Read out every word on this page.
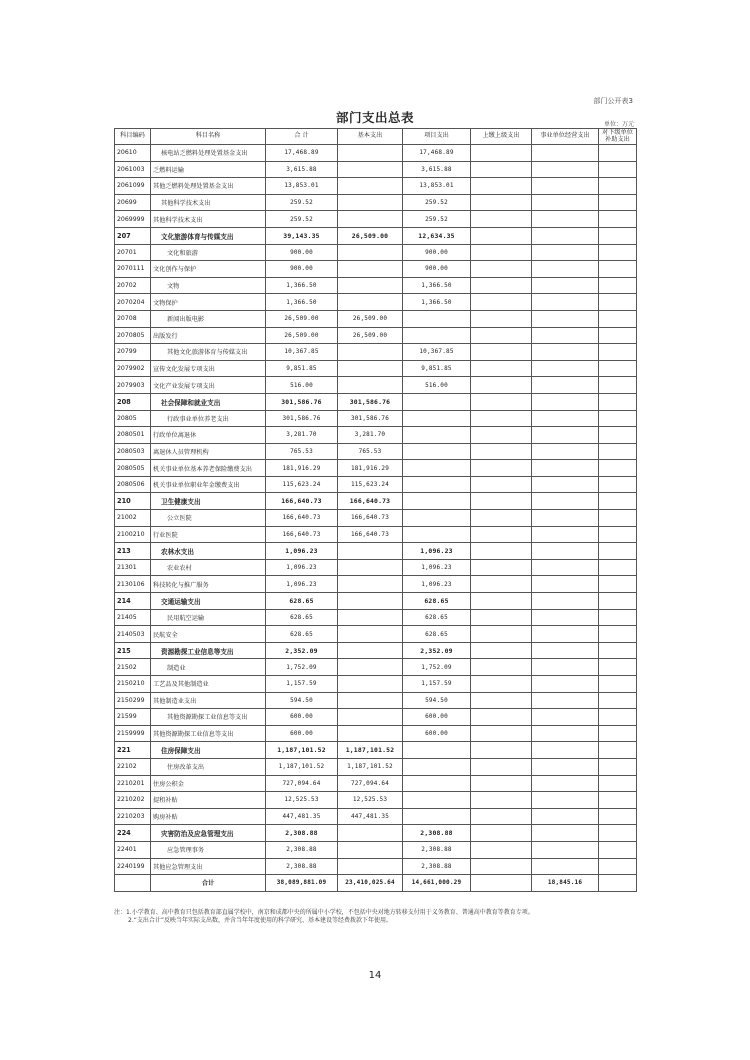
部门公开表3
部门支出总表	单位：万元
科目编码	科目名称	合 计	基本支出	项目支出	上缴上级支出	事业单位经营支出	对下级单位补助支出
20610	核电站乏燃料处理处置基金支出	17,468.89		17,468.89			
2061003	乏燃料运输	3,615.88		3,615.88			
2061099	其他乏燃料处理处置基金支出	13,853.01		13,853.01			
20699	其他科学技术支出	259.52		259.52			
2069999	其他科学技术支出	259.52		259.52			
207	文化旅游体育与传媒支出	39,143.35	26,509.00	12,634.35			
20701	文化和旅游	900.00		900.00			
2070111	文化创作与保护	900.00		900.00			
20702	文物	1,366.50		1,366.50			
2070204	文物保护	1,366.50		1,366.50			
20708	新闻出版电影	26,509.00	26,509.00				
2070805	出版发行	26,509.00	26,509.00				
20799	其他文化旅游体育与传媒支出	10,367.85		10,367.85			
2079902	宣传文化发展专项支出	9,851.85		9,851.85			
2079903	文化产业发展专项支出	516.00		516.00			
208	社会保障和就业支出	301,586.76	301,586.76				
20805	行政事业单位养老支出	301,586.76	301,586.76				
2080501	行政单位离退休	3,281.70	3,281.70				
2080503	离退休人员管理机构	765.53	765.53				
2080505	机关事业单位基本养老保险缴费支出	181,916.29	181,916.29				
2080506	机关事业单位职业年金缴费支出	115,623.24	115,623.24				
210	卫生健康支出	166,640.73	166,640.73				
21002	公立医院	166,640.73	166,640.73				
2100210	行业医院	166,640.73	166,640.73				
213	农林水支出	1,096.23		1,096.23			
21301	农业农村	1,096.23		1,096.23			
2130106	科技转化与推广服务	1,096.23		1,096.23			
214	交通运输支出	628.65		628.65			
21405	民用航空运输	628.65		628.65			
2140503	民航安全	628.65		628.65			
215	资源勘探工业信息等支出	2,352.09		2,352.09			
21502	制造业	1,752.09		1,752.09			
2150210	工艺品及其他制造业	1,157.59		1,157.59			
2150299	其他制造业支出	594.50		594.50			
21599	其他资源勘探工业信息等支出	600.00		600.00			
2159999	其他资源勘探工业信息等支出	600.00		600.00			
221	住房保障支出	1,187,101.52	1,187,101.52				
22102	住房改革支出	1,187,101.52	1,187,101.52				
2210201	住房公积金	727,094.64	727,094.64				
2210202	提租补贴	12,525.53	12,525.53				
2210203	购房补贴	447,481.35	447,481.35				
224	灾害防治及应急管理支出	2,308.88		2,308.88			
22401	应急管理事务	2,308.88		2,308.88			
2240199	其他应急管理支出	2,308.88		2,308.88			
	合计	38,089,881.09	23,410,025.64	14,661,000.29		18,845.16	
注：1.小学教育、高中教育只包括教育部直属学校中，南京和成都中央的所属中小学校，不包括中央对地方转移支付用于义务教育、普通高中教育等教育专项。
2.“支出合计”反映当年实际支出数，并含当年年度使用的科学研究、基本建设等经费拨款下年使用。
14
